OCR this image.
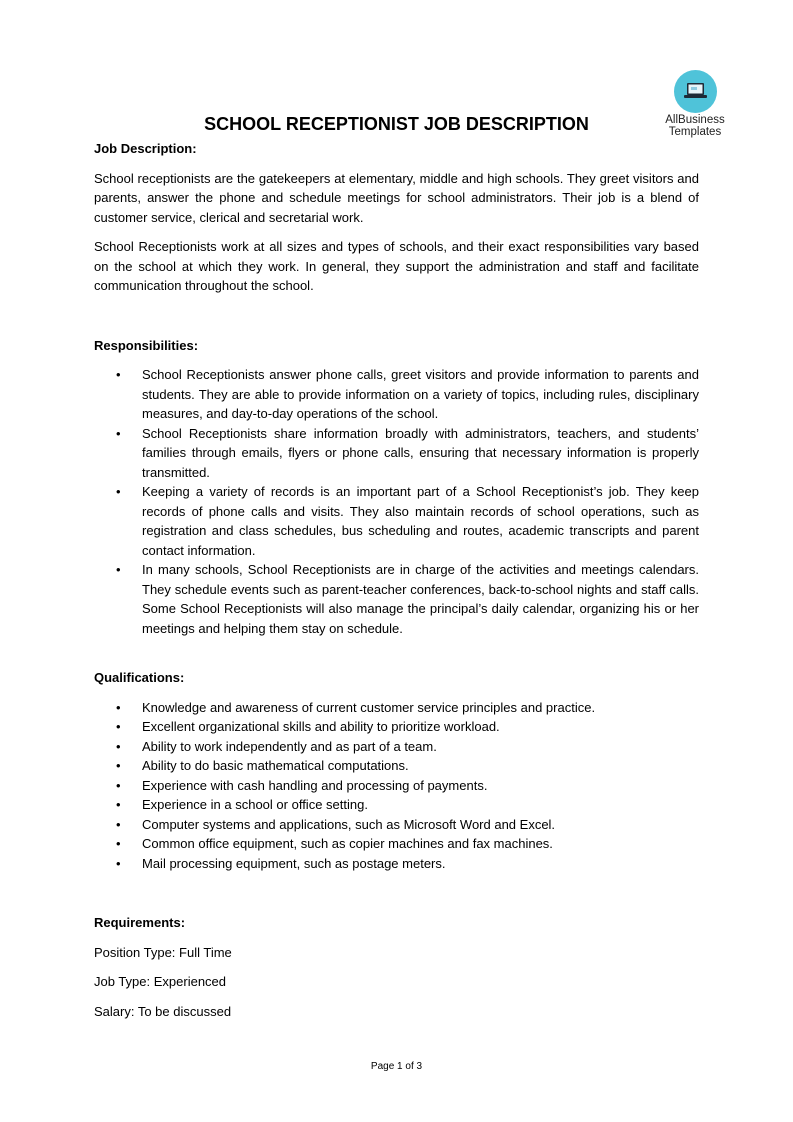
AllBusiness
Templates
SCHOOL RECEPTIONIST JOB DESCRIPTION
Job Description:

School receptionists are the gatekeepers at elementary, middle and high schools. They greet visitors and parents, answer the phone and schedule meetings for school administrators. Their job is a blend of customer service, clerical and secretarial work.

School Receptionists work at all sizes and types of schools, and their exact responsibilities vary based on the school at which they work. In general, they support the administration and staff and facilitate communication throughout the school.

Responsibilities:
• School Receptionists answer phone calls, greet visitors and provide information to parents and students. They are able to provide information on a variety of topics, including rules, disciplinary measures, and day-to-day operations of the school.
• School Receptionists share information broadly with administrators, teachers, and students’ families through emails, flyers or phone calls, ensuring that necessary information is properly transmitted.
• Keeping a variety of records is an important part of a School Receptionist’s job. They keep records of phone calls and visits. They also maintain records of school operations, such as registration and class schedules, bus scheduling and routes, academic transcripts and parent contact information.
• In many schools, School Receptionists are in charge of the activities and meetings calendars. They schedule events such as parent-teacher conferences, back-to-school nights and staff calls. Some School Receptionists will also manage the principal’s daily calendar, organizing his or her meetings and helping them stay on schedule.
Qualifications:
• Knowledge and awareness of current customer service principles and practice.
• Excellent organizational skills and ability to prioritize workload.
• Ability to work independently and as part of a team.
• Ability to do basic mathematical computations.
• Experience with cash handling and processing of payments.
• Experience in a school or office setting.
• Computer systems and applications, such as Microsoft Word and Excel.
• Common office equipment, such as copier machines and fax machines.
• Mail processing equipment, such as postage meters.
Requirements:

Position Type: Full Time

Job Type: Experienced

Salary: To be discussed

Page 1 of 3
